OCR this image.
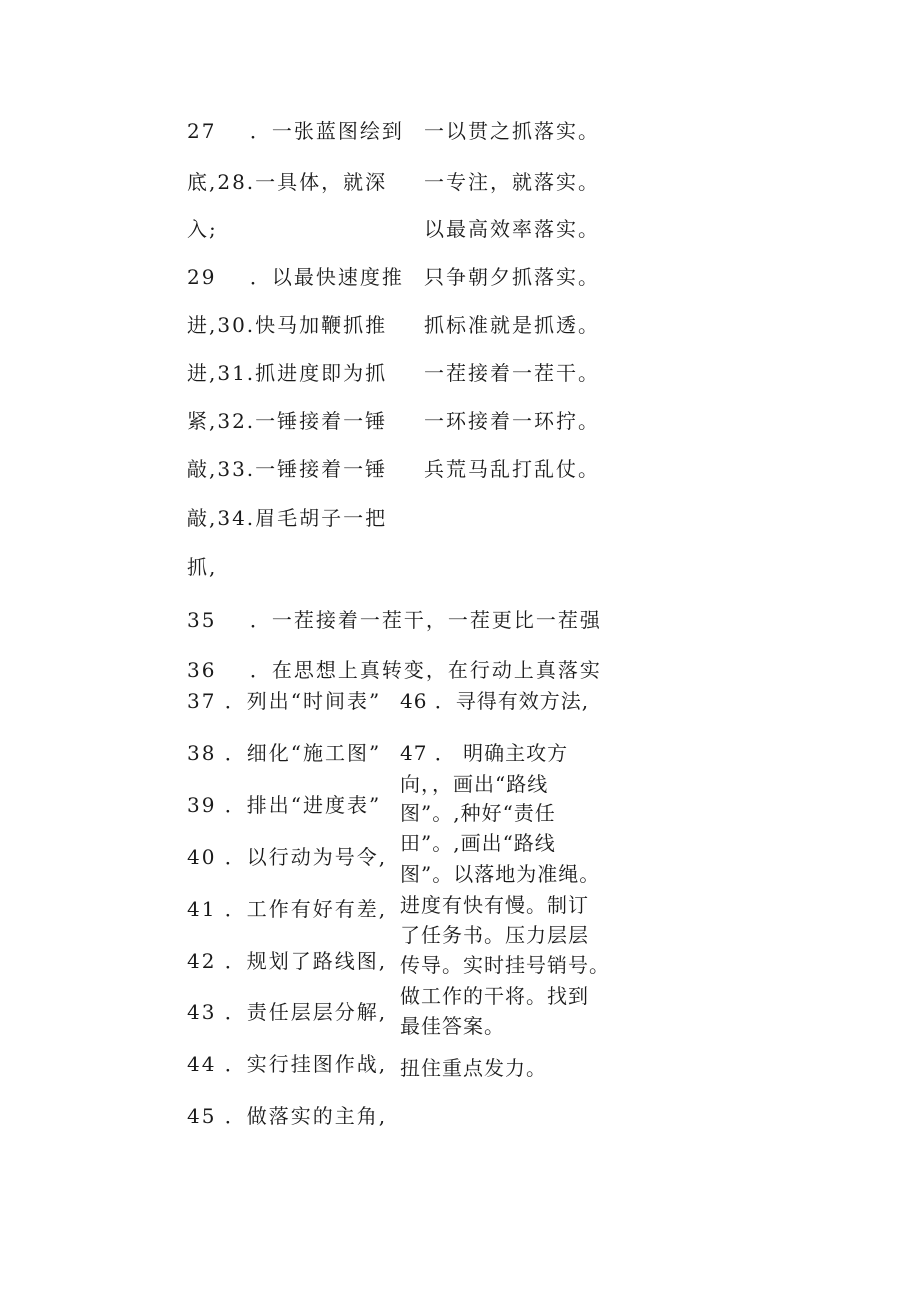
27    ．一张蓝图绘到
底,28.一具体，就深
入;
29    ．以最快速度推
进,30.快马加鞭抓推
进,31.抓进度即为抓
紧,32.一锤接着一锤
敲,33.一锤接着一锤
敲,34.眉毛胡子一把
抓,
一以贯之抓落实。
一专注，就落实。
以最高效率落实。
只争朝夕抓落实。
抓标准就是抓透。
一茬接着一茬干。
一环接着一环拧。
兵荒马乱打乱仗。
35    ．一茬接着一茬干，一茬更比一茬强
36    ．在思想上真转变，在行动上真落实
37 ．列出“时间表”
38 ．细化“施工图”
39 ．排出“进度表”
40 ．以行动为号令,
41 ．工作有好有差,
42 ．规划了路线图,
43 ．责任层层分解,
44 ．实行挂图作战,
45 ．做落实的主角,
46 ．寻得有效方法,
47 ． 明确主攻方
向，，画出“路线
图”。,种好“责任
田”。,画出“路线
图”。以落地为准绳。
进度有快有慢。制订
了任务书。压力层层
传导。实时挂号销号。
做工作的干将。找到
最佳答案。
扭住重点发力。
